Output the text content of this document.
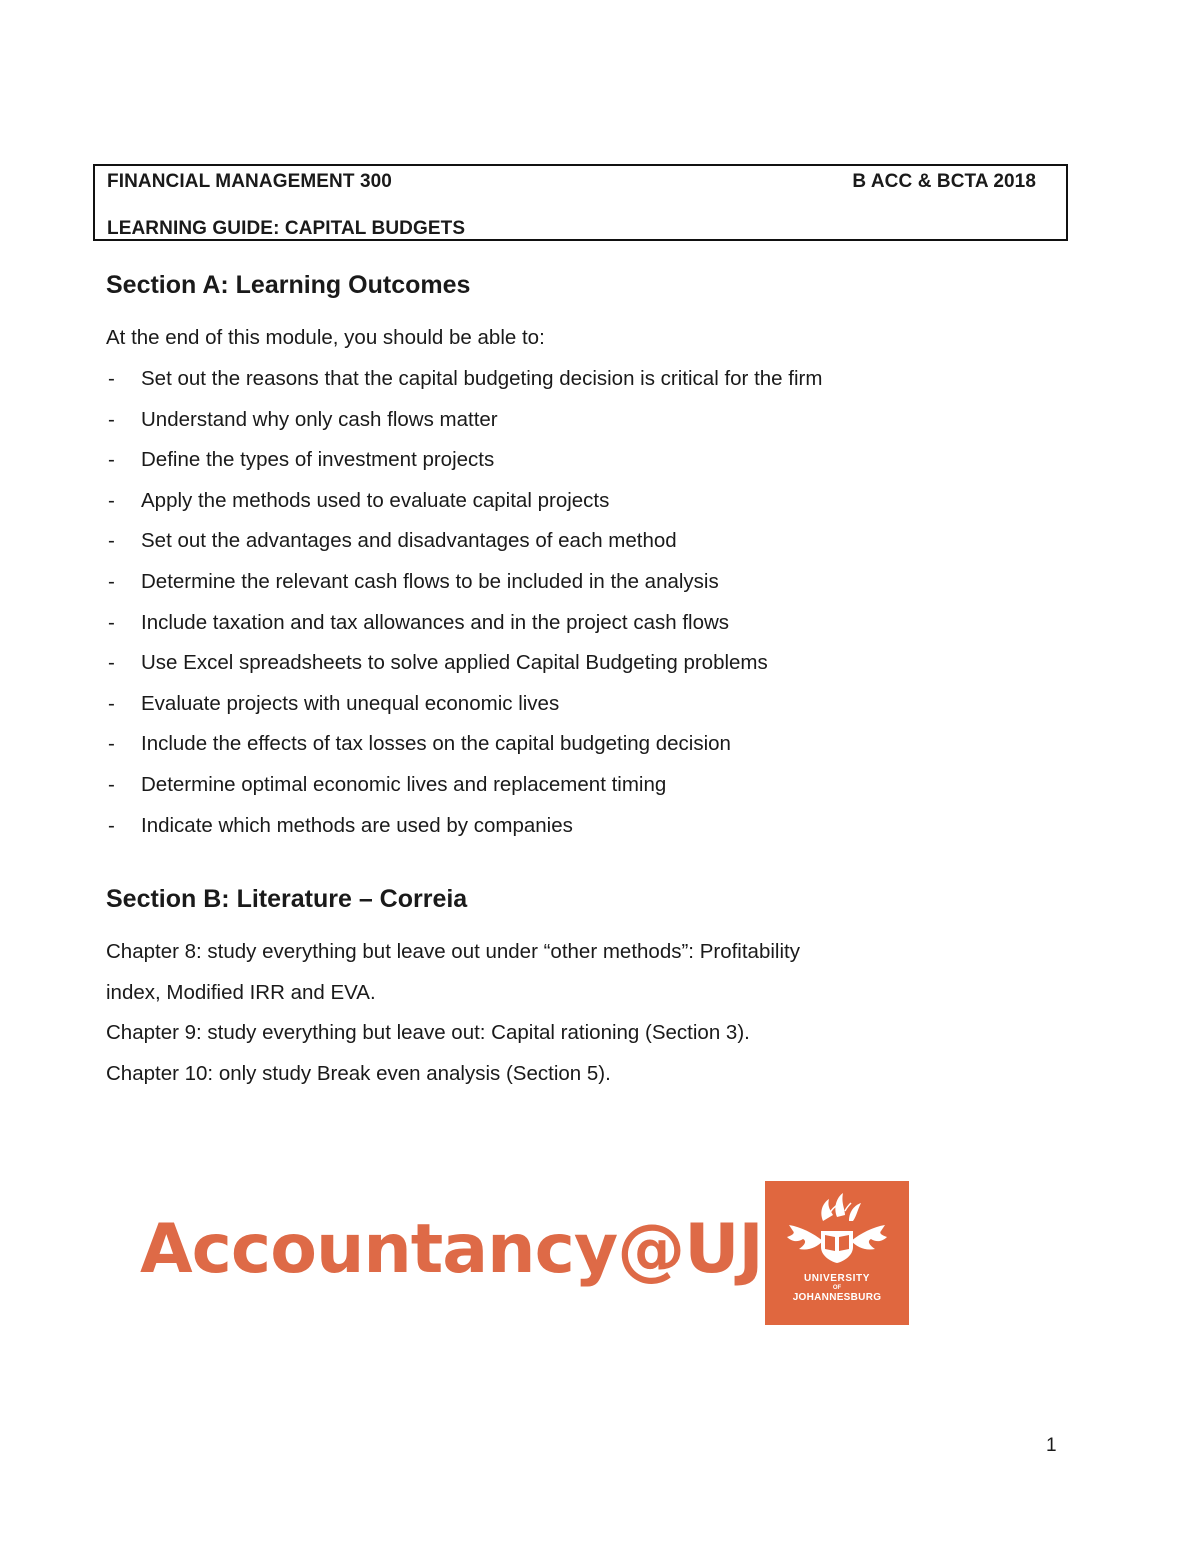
FINANCIAL MANAGEMENT 300	B ACC & BCTA 2018
LEARNING GUIDE: CAPITAL BUDGETS
Section A: Learning Outcomes
At the end of this module, you should be able to:
- Set out the reasons that the capital budgeting decision is critical for the firm
- Understand why only cash flows matter
- Define the types of investment projects
- Apply the methods used to evaluate capital projects
- Set out the advantages and disadvantages of each method
- Determine the relevant cash flows to be included in the analysis
- Include taxation and tax allowances and in the project cash flows
- Use Excel spreadsheets to solve applied Capital Budgeting problems
- Evaluate projects with unequal economic lives
- Include the effects of tax losses on the capital budgeting decision
- Determine optimal economic lives and replacement timing
- Indicate which methods are used by companies
Section B: Literature – Correia

Chapter 8: study everything but leave out under “other methods”: Profitability

index, Modified IRR and EVA.

Chapter 9: study everything but leave out: Capital rationing (Section 3).

Chapter 10: only study Break even analysis (Section 5).

Accountancy@UJ	UNIVERSITY
OF
JOHANNESBURG
1
